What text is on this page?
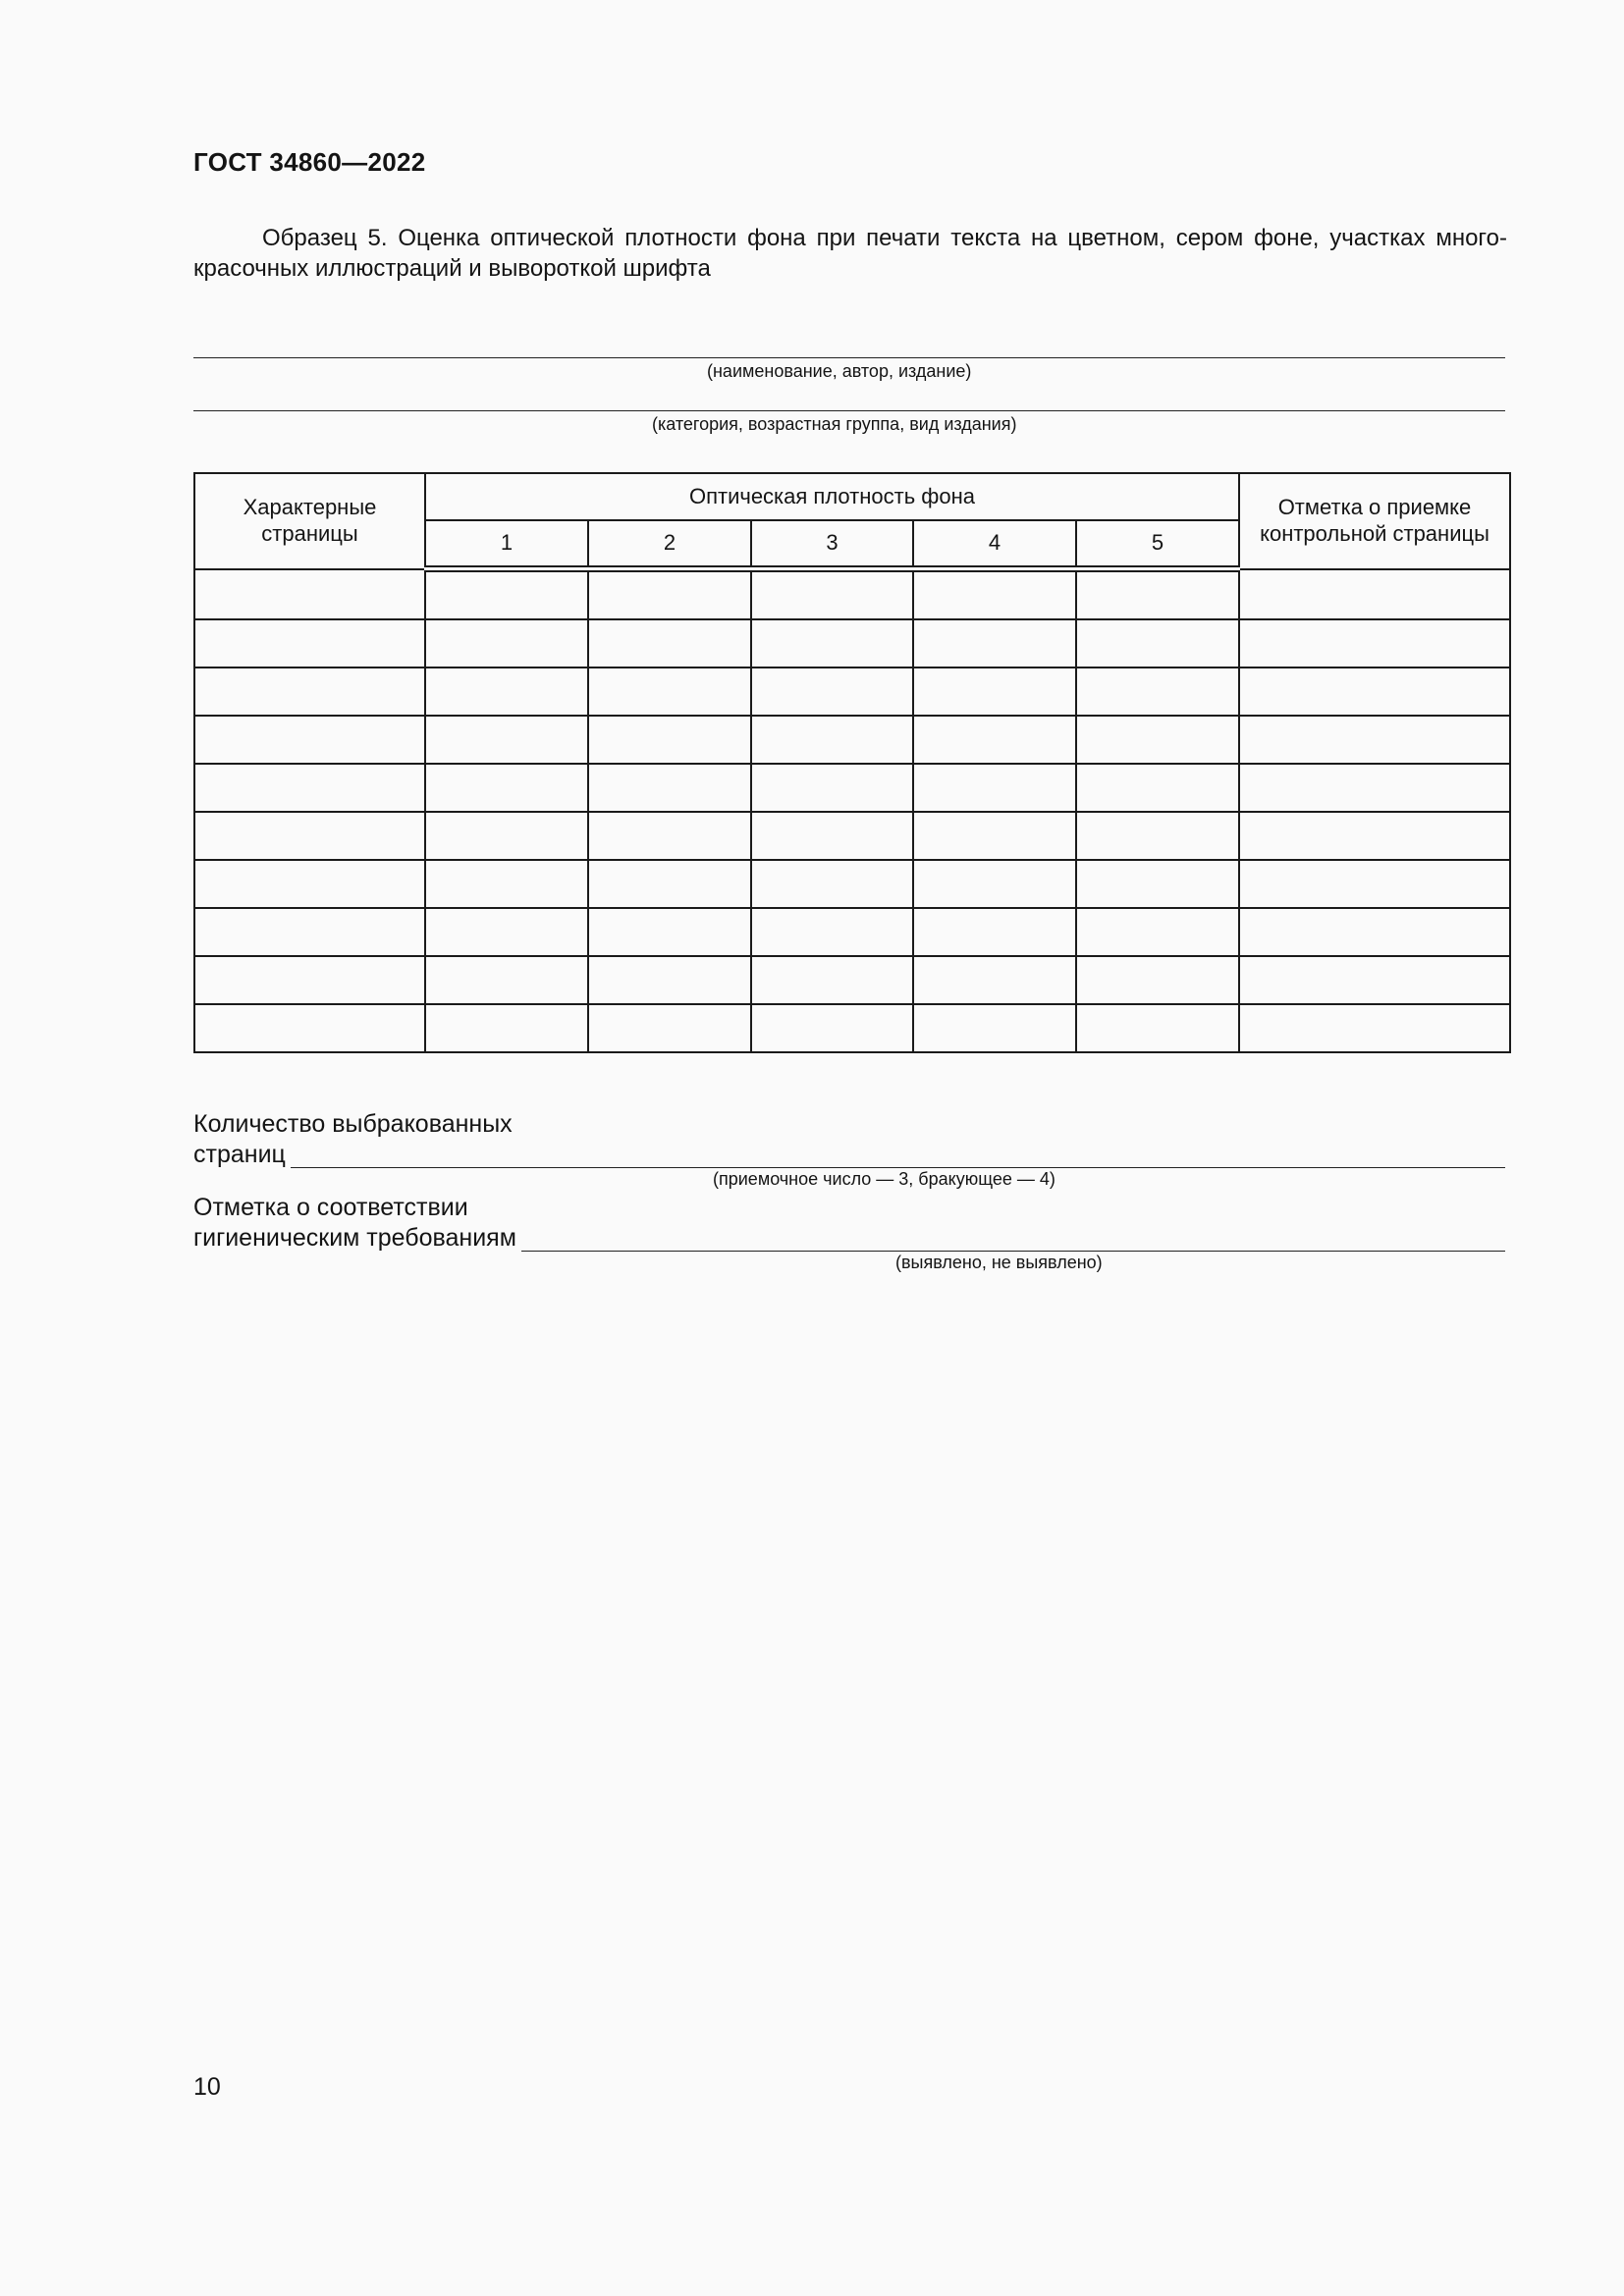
ГОСТ 34860—2022

Образец 5. Оценка оптической плотности фона при печати текста на цветном, сером фоне, участках много-красочных иллюстраций и вывороткой шрифта

(наименование, автор, издание)
(категория, возрастная группа, вид издания)
Характерные страницы	Оптическая плотность фона					Отметка о приемке контрольной страницы
	1	2	3	4	5	

Количество выбракованных
страниц
(приемочное число — 3, бракующее — 4)
Отметка о соответствии
гигиеническим требованиям
(выявлено, не выявлено)
10
